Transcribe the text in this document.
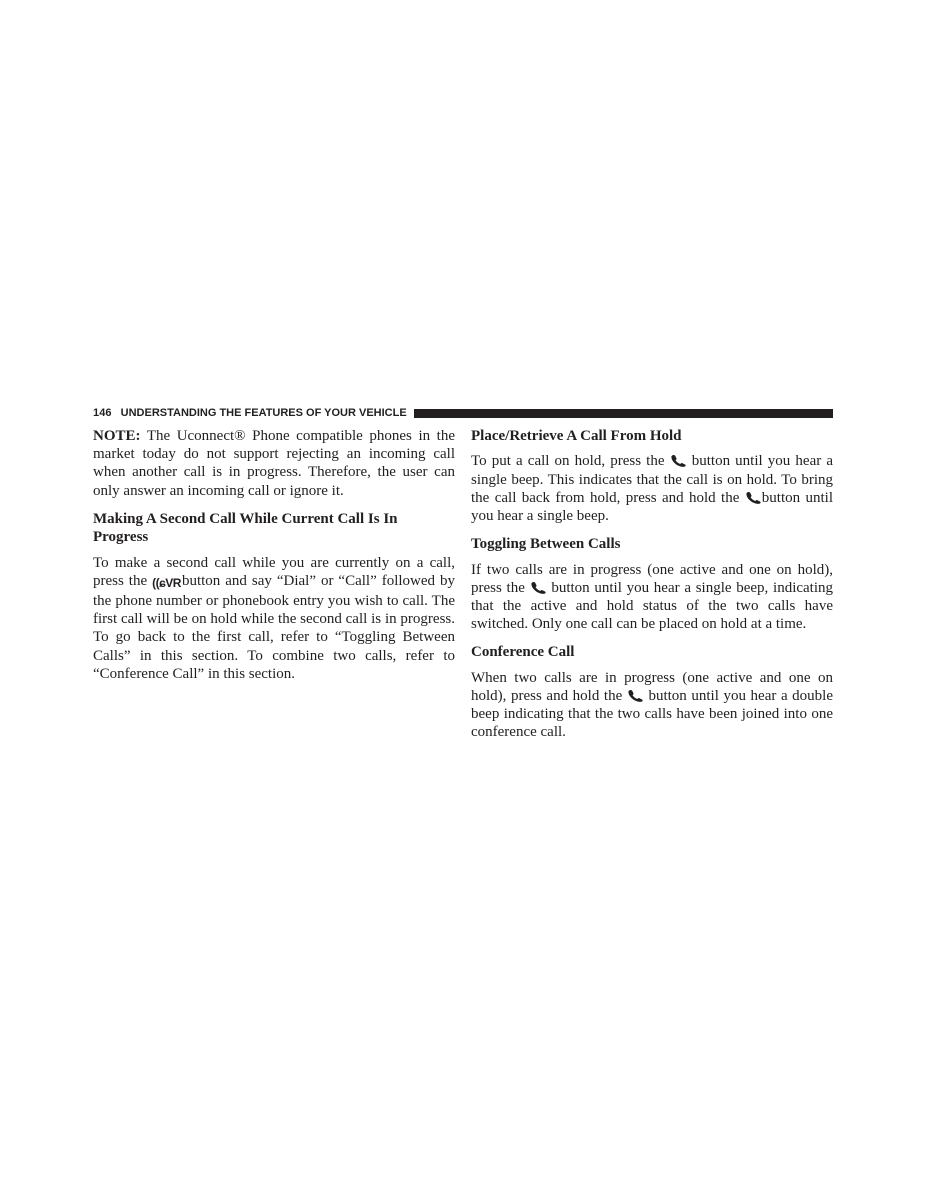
146 UNDERSTANDING THE FEATURES OF YOUR VEHICLE

NOTE: The Uconnect® Phone compatible phones in the market today do not support rejecting an incoming call when another call is in progress. Therefore, the user can only answer an incoming call or ignore it.

Making A Second Call While Current Call Is In Progress

To make a second call while you are currently on a call, press the ((ɕVRbutton and say “Dial” or “Call” followed by the phone number or phonebook entry you wish to call. The first call will be on hold while the second call is in progress. To go back to the first call, refer to “Toggling Between Calls” in this section. To combine two calls, refer to “Conference Call” in this section.

Place/Retrieve A Call From Hold

To put a call on hold, press the button until you hear a single beep. This indicates that the call is on hold. To bring the call back from hold, press and hold the button until you hear a single beep.

Toggling Between Calls

If two calls are in progress (one active and one on hold), press the button until you hear a single beep, indicating that the active and hold status of the two calls have switched. Only one call can be placed on hold at a time.

Conference Call

When two calls are in progress (one active and one on hold), press and hold the button until you hear a double beep indicating that the two calls have been joined into one conference call.
